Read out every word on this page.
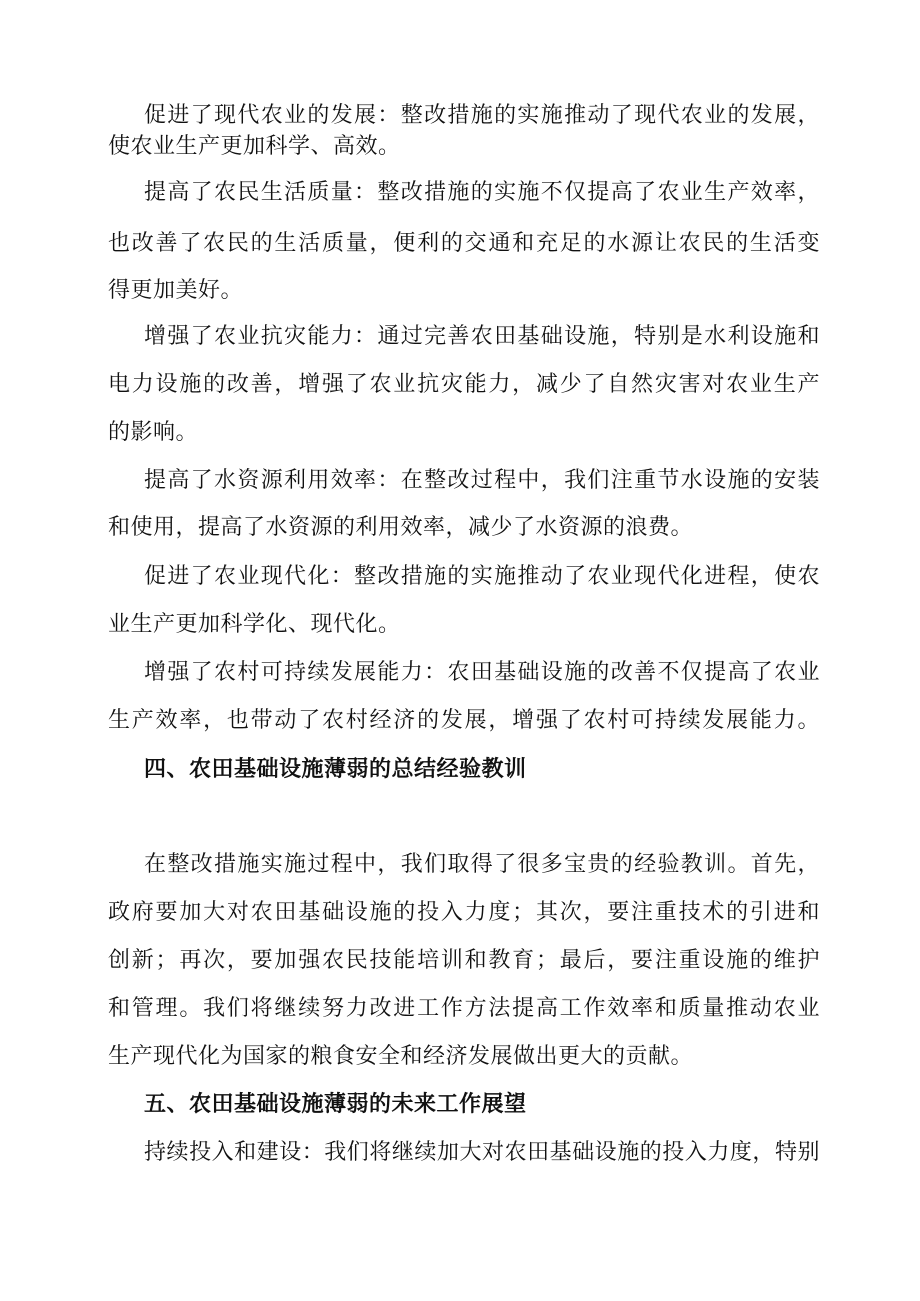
促进了现代农业的发展：整改措施的实施推动了现代农业的发展，
使农业生产更加科学、高效。
提高了农民生活质量：整改措施的实施不仅提高了农业生产效率，
也改善了农民的生活质量，便利的交通和充足的水源让农民的生活变
得更加美好。
增强了农业抗灾能力：通过完善农田基础设施，特别是水利设施和
电力设施的改善，增强了农业抗灾能力，减少了自然灾害对农业生产
的影响。
提高了水资源利用效率：在整改过程中，我们注重节水设施的安装
和使用，提高了水资源的利用效率，减少了水资源的浪费。
促进了农业现代化：整改措施的实施推动了农业现代化进程，使农
业生产更加科学化、现代化。
增强了农村可持续发展能力：农田基础设施的改善不仅提高了农业
生产效率，也带动了农村经济的发展，增强了农村可持续发展能力。
四、农田基础设施薄弱的总结经验教训
在整改措施实施过程中，我们取得了很多宝贵的经验教训。首先，
政府要加大对农田基础设施的投入力度；其次，要注重技术的引进和
创新；再次，要加强农民技能培训和教育；最后，要注重设施的维护
和管理。我们将继续努力改进工作方法提高工作效率和质量推动农业
生产现代化为国家的粮食安全和经济发展做出更大的贡献。
五、农田基础设施薄弱的未来工作展望
持续投入和建设：我们将继续加大对农田基础设施的投入力度，特别
